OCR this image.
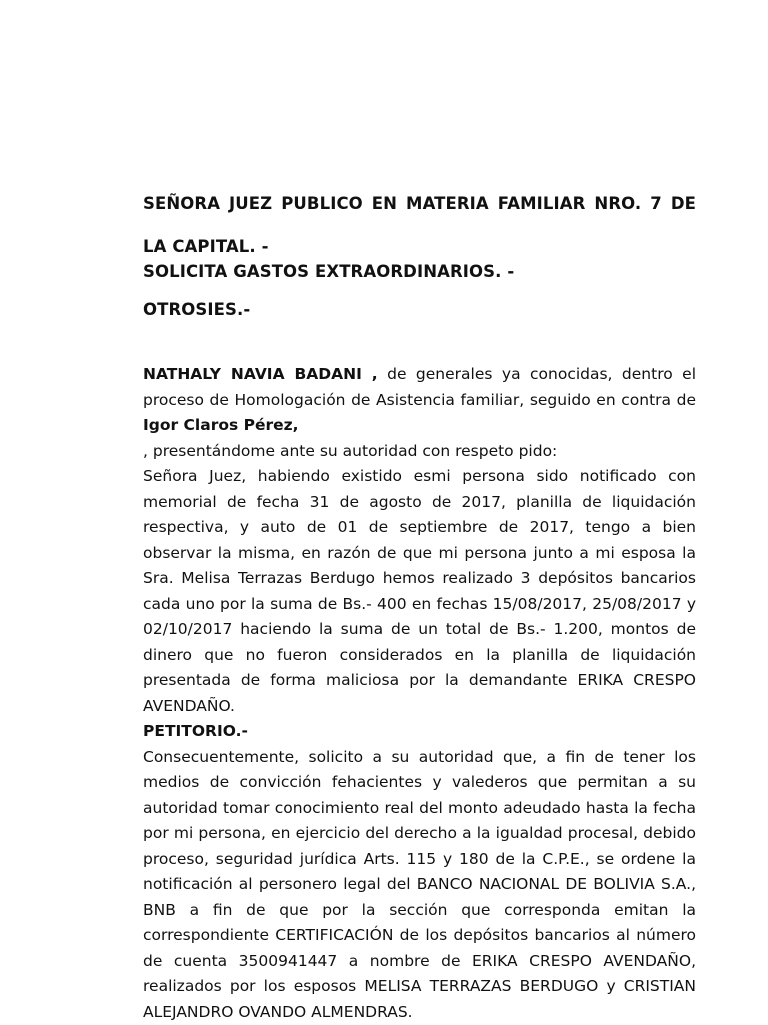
SEÑORA JUEZ PUBLICO EN MATERIA FAMILIAR NRO. 7 DE LA CAPITAL. -
SOLICITA GASTOS EXTRAORDINARIOS. -
OTROSIES.-

NATHALY NAVIA BADANI , de generales ya conocidas, dentro el proceso de Homologación de Asistencia familiar, seguido en contra de Igor Claros Pérez,
, presentándome ante su autoridad con respeto pido:

Señora Juez, habiendo existido esmi persona sido notificado con memorial de fecha 31 de agosto de 2017, planilla de liquidación respectiva, y auto de 01 de septiembre de 2017, tengo a bien observar la misma, en razón de que mi persona junto a mi esposa la Sra. Melisa Terrazas Berdugo hemos realizado 3 depósitos bancarios cada uno por la suma de Bs.- 400 en fechas 15/08/2017, 25/08/2017 y 02/10/2017 haciendo la suma de un total de Bs.- 1.200, montos de dinero que no fueron considerados en la planilla de liquidación presentada de forma maliciosa por la demandante ERIKA CRESPO AVENDAÑO.

PETITORIO.-

Consecuentemente, solicito a su autoridad que, a fin de tener los medios de convicción fehacientes y valederos que permitan a su autoridad tomar conocimiento real del monto adeudado hasta la fecha por mi persona, en ejercicio del derecho a la igualdad procesal, debido proceso, seguridad jurídica Arts. 115 y 180 de la C.P.E., se ordene la notificación al personero legal del BANCO NACIONAL DE BOLIVIA S.A., BNB a fin de que por la sección que corresponda emitan la correspondiente CERTIFICACIÓN de los depósitos bancarios al número de cuenta 3500941447 a nombre de ERIKA CRESPO AVENDAÑO, realizados por los esposos MELISA TERRAZAS BERDUGO y CRISTIAN ALEJANDRO OVANDO ALMENDRAS.
